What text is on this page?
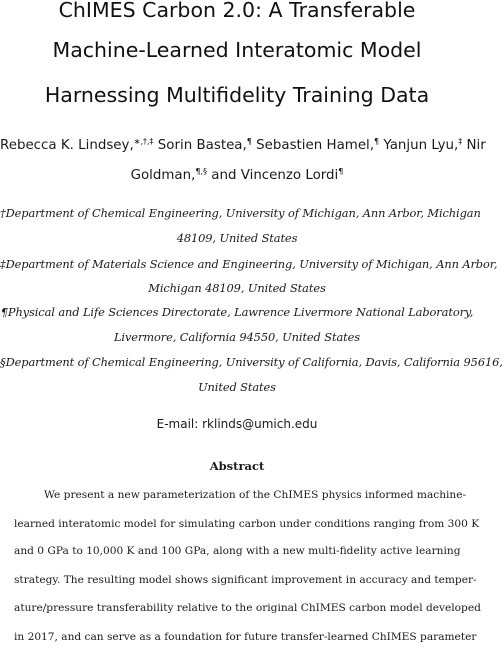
ChIMES Carbon 2.0: A Transferable
Machine-Learned Interatomic Model
Harnessing Multifidelity Training Data
Rebecca K. Lindsey,∗,†,‡ Sorin Bastea,¶ Sebastien Hamel,¶ Yanjun Lyu,‡ Nir
Goldman,¶,§ and Vincenzo Lordi¶
†Department of Chemical Engineering, University of Michigan, Ann Arbor, Michigan
48109, United States
‡Department of Materials Science and Engineering, University of Michigan, Ann Arbor,
Michigan 48109, United States
¶Physical and Life Sciences Directorate, Lawrence Livermore National Laboratory,
Livermore, California 94550, United States
§Department of Chemical Engineering, University of California, Davis, California 95616,
United States
E-mail: rklinds@umich.edu
Abstract
We present a new parameterization of the ChIMES physics informed machine-
learned interatomic model for simulating carbon under conditions ranging from 300 K
and 0 GPa to 10,000 K and 100 GPa, along with a new multi-fidelity active learning
strategy. The resulting model shows significant improvement in accuracy and temper-
ature/pressure transferability relative to the original ChIMES carbon model developed
in 2017, and can serve as a foundation for future transfer-learned ChIMES parameter
